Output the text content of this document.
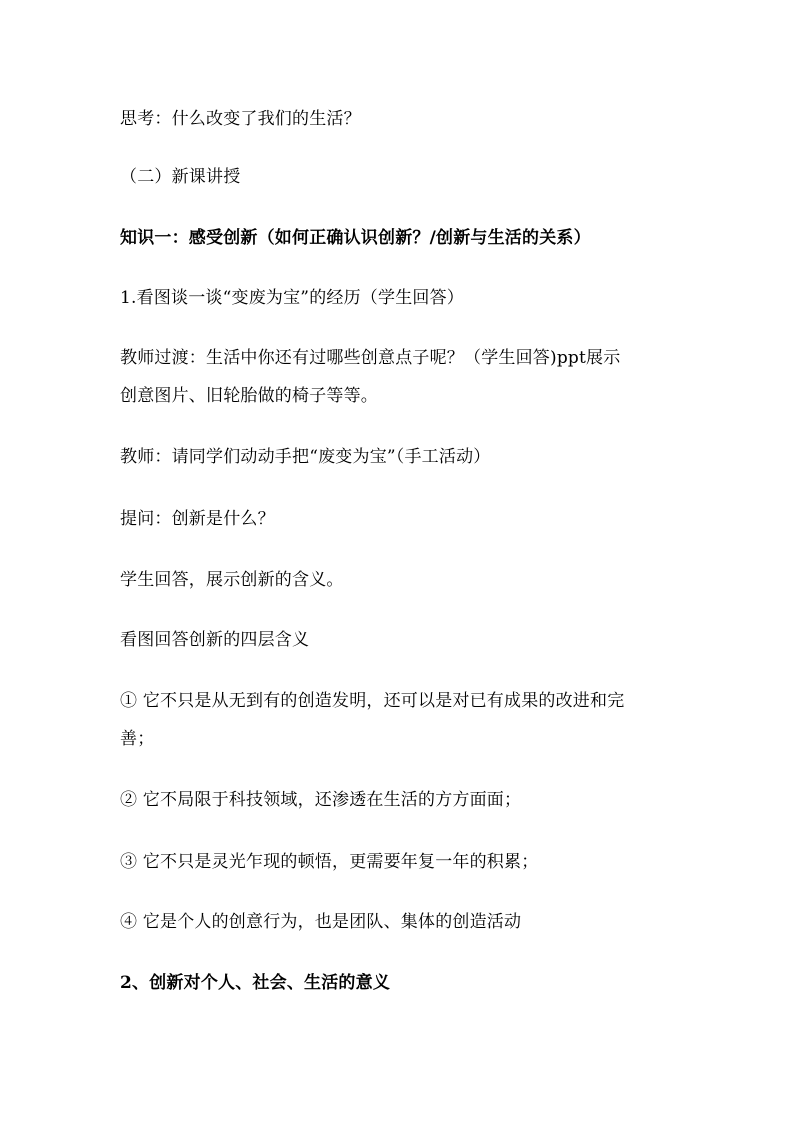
思考：什么改变了我们的生活？
（二）新课讲授
知识一：感受创新（如何正确认识创新？/创新与生活的关系）
1.看图谈一谈“变废为宝”的经历（学生回答）
教师过渡：生活中你还有过哪些创意点子呢？（学生回答)ppt展示
创意图片、旧轮胎做的椅子等等。
教师：请同学们动动手把“废变为宝”（手工活动）
提问：创新是什么？
学生回答，展示创新的含义。
看图回答创新的四层含义
① 它不只是从无到有的创造发明，还可以是对已有成果的改进和完
善；
② 它不局限于科技领域，还渗透在生活的方方面面；
③ 它不只是灵光乍现的顿悟，更需要年复一年的积累；
④ 它是个人的创意行为，也是团队、集体的创造活动
2、创新对个人、社会、生活的意义
